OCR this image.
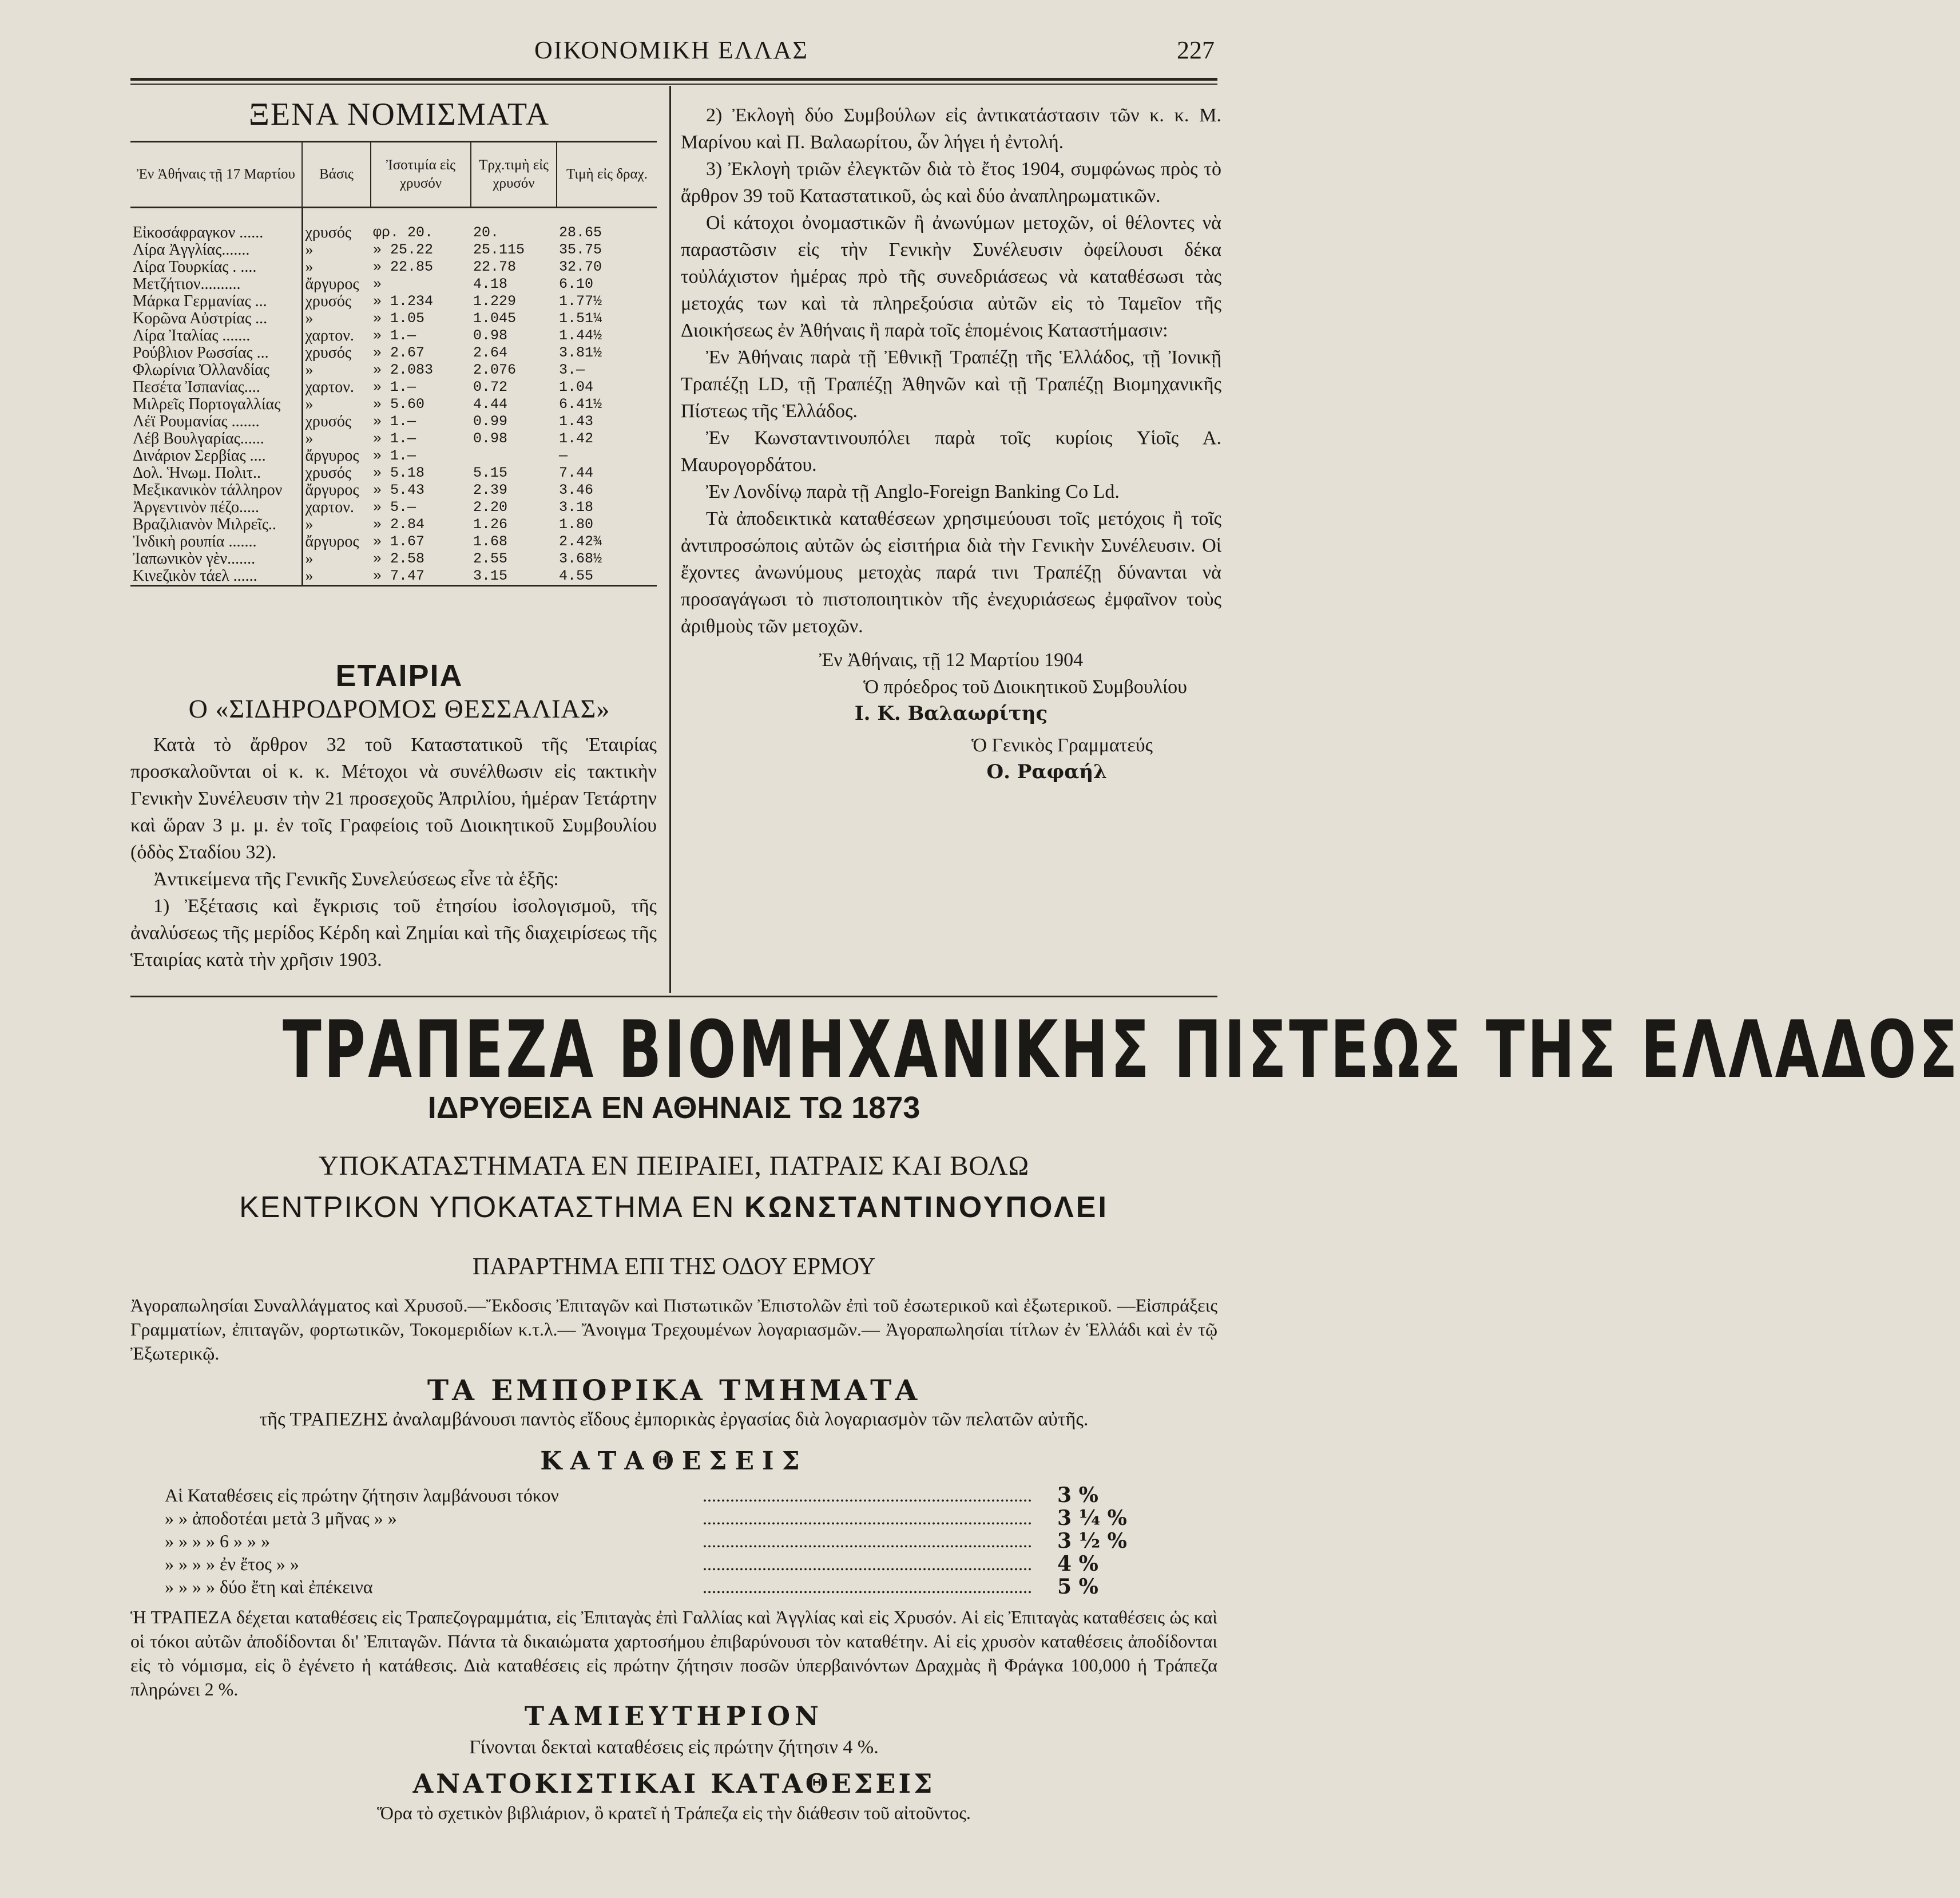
ΟΙΚΟΝΟΜΙΚΗ ΕΛΛΑΣ	227
ΞΕΝΑ ΝΟΜΙΣΜΑΤΑ
Ἐν Ἀθήναις τῇ 17 Μαρτίου	Βάσις	Ἰσοτιμία εἰς χρυσόν	Τρχ.τιμὴ εἰς χρυσόν	Τιμὴ εἰς δραχ.
Εἰκοσάφραγκον ......	χρυσός	φρ. 20.	20.	28.65
Λίρα Ἀγγλίας.......	»	» 25.22	25.115	35.75
Λίρα Τουρκίας . ....	»	» 22.85	22.78	32.70
Μετζήτιον..........	ἄργυρος	»	4.18	6.10
Μάρκα Γερμανίας ...	χρυσός	» 1.234	1.229	1.77½
Κορῶνα Αὐστρίας ...	»	» 1.05	1.045	1.51¼
Λίρα Ἰταλίας .......	χαρτον.	» 1.—	0.98	1.44½
Ρούβλιον Ρωσσίας ...	χρυσός	» 2.67	2.64	3.81½
Φλωρίνια Ὀλλανδίας	»	» 2.083	2.076	3.—
Πεσέτα Ἰσπανίας....	χαρτον.	» 1.—	0.72	1.04
Μιλρεῖς Πορτογαλλίας	»	» 5.60	4.44	6.41½
Λέϊ Ρουμανίας .......	χρυσός	» 1.—	0.99	1.43
Λέβ Βουλγαρίας......	»	» 1.—	0.98	1.42
Δινάριον Σερβίας ....	ἄργυρος	» 1.—		—
Δολ. Ἡνωμ. Πολιτ..	χρυσός	» 5.18	5.15	7.44
Μεξικανικὸν τάλληρον	ἄργυρος	» 5.43	2.39	3.46
Ἀργεντινὸν πέζο.....	χαρτον.	» 5.—	2.20	3.18
Βραζιλιανὸν Μιλρεῖς..	»	» 2.84	1.26	1.80
Ἰνδικὴ ρουπία .......	ἄργυρος	» 1.67	1.68	2.42¾
Ἰαπωνικὸν γὲν.......	»	» 2.58	2.55	3.68½
Κινεζικὸν τάελ ......	»	» 7.47	3.15	4.55
ΕΤΑΙΡΙΑ
Ο «ΣΙΔΗΡΟΔΡΟΜΟΣ ΘΕΣΣΑΛΙΑΣ»

Κατὰ τὸ ἄρθρον 32 τοῦ Καταστατικοῦ τῆς Ἑταιρίας προσκαλοῦνται οἱ κ. κ. Μέτοχοι νὰ συνέλθωσιν εἰς τακτικὴν Γενικὴν Συνέλευσιν τὴν 21 προσεχοῦς Ἀπριλίου, ἡμέραν Τετάρτην καὶ ὥραν 3 μ. μ. ἐν τοῖς Γραφείοις τοῦ Διοικητικοῦ Συμβουλίου (ὁδὸς Σταδίου 32).

Ἀντικείμενα τῆς Γενικῆς Συνελεύσεως εἶνε τὰ ἑξῆς:

1) Ἐξέτασις καὶ ἔγκρισις τοῦ ἐτησίου ἰσολογισμοῦ, τῆς ἀναλύσεως τῆς μερίδος Κέρδη καὶ Ζημίαι καὶ τῆς διαχειρίσεως τῆς Ἑταιρίας κατὰ τὴν χρῆσιν 1903.

2) Ἐκλογὴ δύο Συμβούλων εἰς ἀντικατάστασιν τῶν κ. κ. Μ. Μαρίνου καὶ Π. Βαλαωρίτου, ὧν λήγει ἡ ἐντολή.

3) Ἐκλογὴ τριῶν ἐλεγκτῶν διὰ τὸ ἔτος 1904, συμφώνως πρὸς τὸ ἄρθρον 39 τοῦ Καταστατικοῦ, ὡς καὶ δύο ἀναπληρωματικῶν.

Οἱ κάτοχοι ὀνομαστικῶν ἢ ἀνωνύμων μετοχῶν, οἱ θέλοντες νὰ παραστῶσιν εἰς τὴν Γενικὴν Συνέλευσιν ὀφείλουσι δέκα τοὐλάχιστον ἡμέρας πρὸ τῆς συνεδριάσεως νὰ καταθέσωσι τὰς μετοχάς των καὶ τὰ πληρεξούσια αὐτῶν εἰς τὸ Ταμεῖον τῆς Διοικήσεως ἐν Ἀθήναις ἢ παρὰ τοῖς ἑπομένοις Καταστήμασιν:

Ἐν Ἀθήναις παρὰ τῇ Ἐθνικῇ Τραπέζῃ τῆς Ἑλλάδος, τῇ Ἰονικῇ Τραπέζῃ LD, τῇ Τραπέζῃ Ἀθηνῶν καὶ τῇ Τραπέζῃ Βιομηχανικῆς Πίστεως τῆς Ἑλλάδος.

Ἐν Κωνσταντινουπόλει παρὰ τοῖς κυρίοις Υἱοῖς Α. Μαυρογορδάτου.

Ἐν Λονδίνῳ παρὰ τῇ Anglo-Foreign Banking Co Ld.

Τὰ ἀποδεικτικὰ καταθέσεων χρησιμεύουσι τοῖς μετόχοις ἢ τοῖς ἀντιπροσώποις αὐτῶν ὡς εἰσιτήρια διὰ τὴν Γενικὴν Συνέλευσιν. Οἱ ἔχοντες ἀνωνύμους μετοχὰς παρά τινι Τραπέζῃ δύνανται νὰ προσαγάγωσι τὸ πιστοποιητικὸν τῆς ἐνεχυριάσεως ἐμφαῖνον τοὺς ἀριθμοὺς τῶν μετοχῶν.

Ἐν Ἀθήναις, τῇ 12 Μαρτίου 1904

Ὁ πρόεδρος τοῦ Διοικητικοῦ Συμβουλίου

Ι. Κ. Βαλαωρίτης

Ὁ Γενικὸς Γραμματεύς

Ο. Ραφαήλ

ΤΡΑΠΕΖΑ ΒΙΟΜΗΧΑΝΙΚΗΣ ΠΙΣΤΕΩΣ ΤΗΣ ΕΛΛΑΔΟΣ
ΙΔΡΥΘΕΙΣΑ ΕΝ ΑΘΗΝΑΙΣ ΤΩ 1873
ΥΠΟΚΑΤΑΣΤΗΜΑΤΑ ΕΝ ΠΕΙΡΑΙΕΙ, ΠΑΤΡΑΙΣ ΚΑΙ ΒΟΛΩ
ΚΕΝΤΡΙΚΟΝ ΥΠΟΚΑΤΑΣΤΗΜΑ ΕΝ ΚΩΝΣΤΑΝΤΙΝΟΥΠΟΛΕΙ
ΠΑΡΑΡΤΗΜΑ ΕΠΙ ΤΗΣ ΟΔΟΥ ΕΡΜΟΥ
Ἀγοραπωλησίαι Συναλλάγματος καὶ Χρυσοῦ.—Ἔκδοσις Ἐπιταγῶν καὶ Πιστωτικῶν Ἐπιστολῶν ἐπὶ τοῦ ἐσωτερικοῦ καὶ ἐξωτερικοῦ. —Εἰσπράξεις Γραμματίων, ἐπιταγῶν, φορτωτικῶν, Τοκομεριδίων κ.τ.λ.— Ἄνοιγμα Τρεχουμένων λογαριασμῶν.— Ἀγοραπωλησίαι τίτλων ἐν Ἑλλάδι καὶ ἐν τῷ Ἐξωτερικῷ.
ΤΑ ΕΜΠΟΡΙΚΑ ΤΜΗΜΑΤΑ
τῆς ΤΡΑΠΕΖΗΣ ἀναλαμβάνουσι παντὸς εἴδους ἐμπορικὰς ἐργασίας διὰ λογαριασμὸν τῶν πελατῶν αὐτῆς.
ΚΑΤΑΘΕΣΕΙΣ
Αἱ Καταθέσεις εἰς πρώτην ζήτησιν λαμβάνουσι τόκον	........................................................................ 3 %
» » ἀποδοτέαι μετὰ 3 μῆνας » »	........................................................................ 3 ¼ %
» » » » 6 » » »	........................................................................ 3 ½ %
» » » » ἐν ἔτος » »	........................................................................ 4 %
» » » » δύο ἔτη καὶ ἐπέκεινα	........................................................................ 5 %
Ἡ ΤΡΑΠΕΖΑ δέχεται καταθέσεις εἰς Τραπεζογραμμάτια, εἰς Ἐπιταγὰς ἐπὶ Γαλλίας καὶ Ἀγγλίας καὶ εἰς Χρυσόν. Αἱ εἰς Ἐπιταγὰς καταθέσεις ὡς καὶ οἱ τόκοι αὐτῶν ἀποδίδονται δι' Ἐπιταγῶν. Πάντα τὰ δικαιώματα χαρτοσήμου ἐπιβαρύνουσι τὸν καταθέτην. Αἱ εἰς χρυσὸν καταθέσεις ἀποδίδονται εἰς τὸ νόμισμα, εἰς ὃ ἐγένετο ἡ κατάθεσις. Διὰ καταθέσεις εἰς πρώτην ζήτησιν ποσῶν ὑπερβαινόντων Δραχμὰς ἢ Φράγκα 100,000 ἡ Τράπεζα πληρώνει 2 %.
ΤΑΜΙΕΥΤΗΡΙΟΝ
Γίνονται δεκταὶ καταθέσεις εἰς πρώτην ζήτησιν 4 %.
ΑΝΑΤΟΚΙΣΤΙΚΑΙ ΚΑΤΑΘΕΣΕΙΣ
Ὅρα τὸ σχετικὸν βιβλιάριον, ὃ κρατεῖ ἡ Τράπεζα εἰς τὴν διάθεσιν τοῦ αἰτοῦντος.
